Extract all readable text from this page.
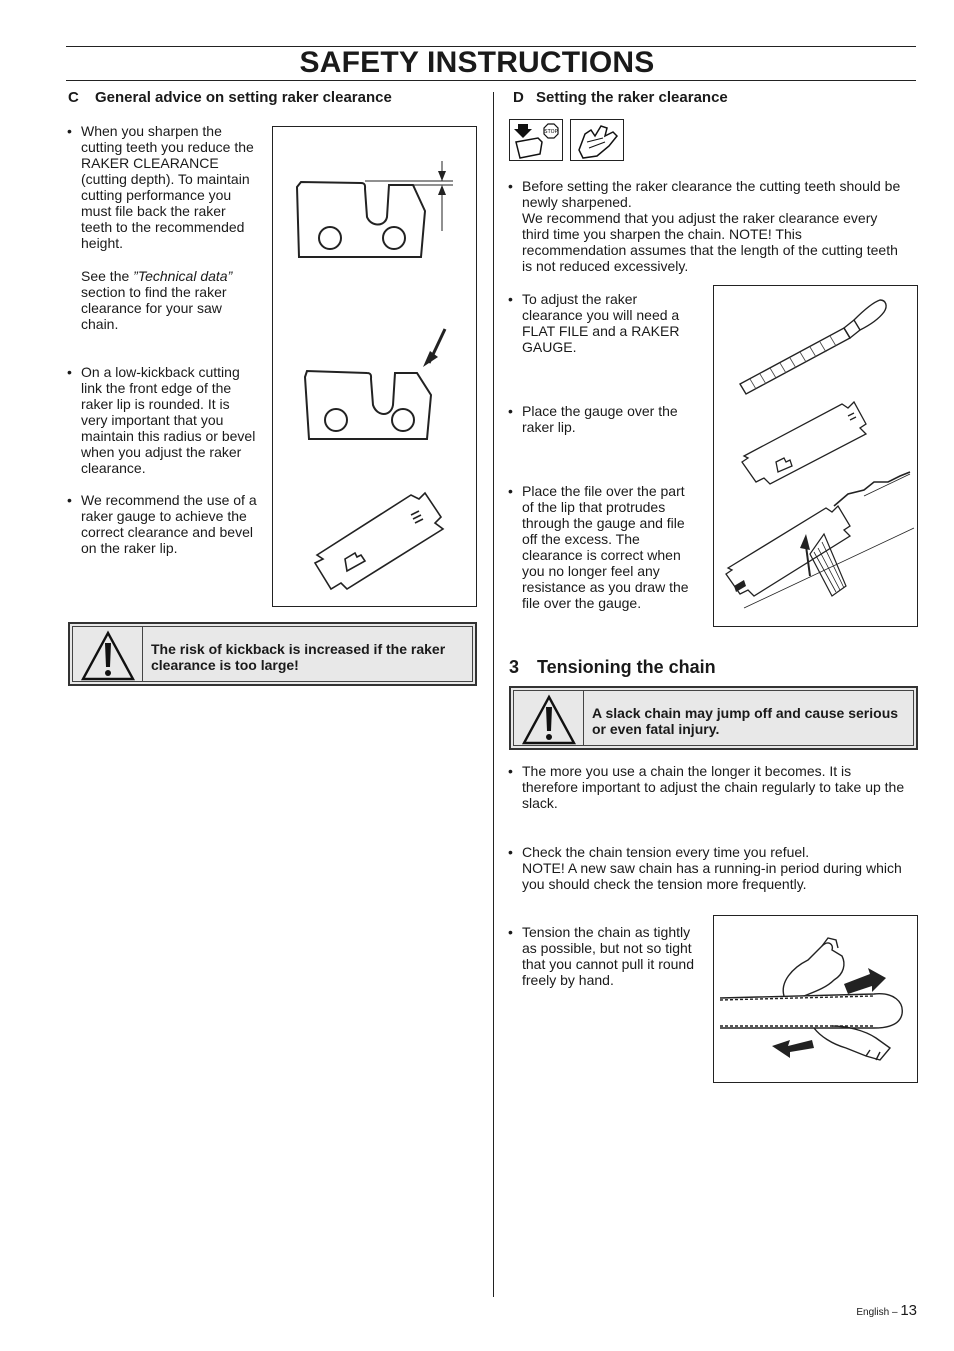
SAFETY INSTRUCTIONS
C General advice on setting raker clearance

• When you sharpen the

cutting teeth you reduce the

RAKER CLEARANCE

(cutting depth). To maintain

cutting performance you

must file back the raker

teeth to the recommended

height.

See the ”Technical data”

section to find the raker

clearance for your saw

chain.

• On a low-kickback cutting

link the front edge of the

raker lip is rounded. It is

very important that you

maintain this radius or bevel

when you adjust the raker

clearance.

• We recommend the use of a

raker gauge to achieve the

correct clearance and bevel

on the raker lip.

The risk of kickback is increased if the raker

clearance is too large!

D Setting the raker clearance
STOP

• Before setting the raker clearance the cutting teeth should be

newly sharpened.

We recommend that you adjust the raker clearance every

third time you sharpen the chain. NOTE! This

recommendation assumes that the length of the cutting teeth

is not reduced excessively.

• To adjust the raker

clearance you will need a

FLAT FILE and a RAKER

GAUGE.

• Place the gauge over the

raker lip.

• Place the file over the part

of the lip that protrudes

through the gauge and file

off the excess. The

clearance is correct when

you no longer feel any

resistance as you draw the

file over the gauge.

3 Tensioning the chain

A slack chain may jump off and cause serious

or even fatal injury.

• The more you use a chain the longer it becomes. It is

therefore important to adjust the chain regularly to take up the

slack.

• Check the chain tension every time you refuel.

NOTE! A new saw chain has a running-in period during which

you should check the tension more frequently.

• Tension the chain as tightly

as possible, but not so tight

that you cannot pull it round

freely by hand.

English – 13
